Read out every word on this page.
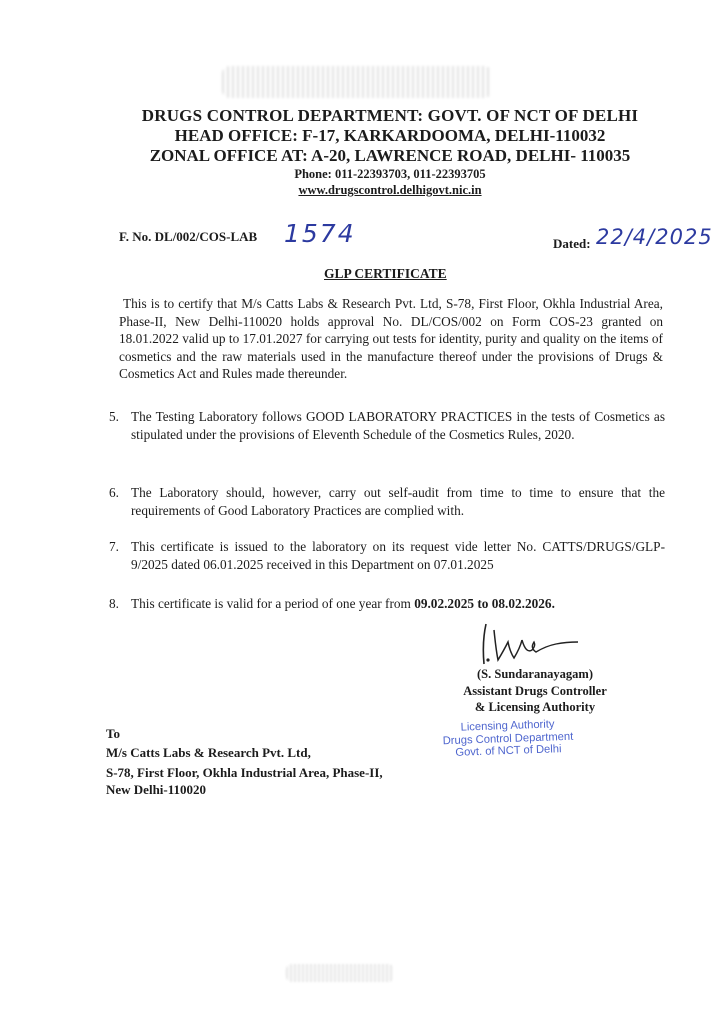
DRUGS CONTROL DEPARTMENT: GOVT. OF NCT OF DELHI
HEAD OFFICE: F-17, KARKARDOOMA, DELHI-110032
ZONAL OFFICE AT: A-20, LAWRENCE ROAD, DELHI- 110035
Phone: 011-22393703, 011-22393705
www.drugscontrol.delhigovt.nic.in
F. No. DL/002/COS-LAB 1574	Dated: 22/4/2025
GLP CERTIFICATE

This is to certify that M/s Catts Labs & Research Pvt. Ltd, S-78, First Floor, Okhla Industrial Area, Phase-II, New Delhi-110020 holds approval No. DL/COS/002 on Form COS-23 granted on 18.01.2022 valid up to 17.01.2027 for carrying out tests for identity, purity and quality on the items of cosmetics and the raw materials used in the manufacture thereof under the provisions of Drugs & Cosmetics Act and Rules made thereunder.

5. The Testing Laboratory follows GOOD LABORATORY PRACTICES in the tests of Cosmetics as stipulated under the provisions of Eleventh Schedule of the Cosmetics Rules, 2020.
6. The Laboratory should, however, carry out self-audit from time to time to ensure that the requirements of Good Laboratory Practices are complied with.
7. This certificate is issued to the laboratory on its request vide letter No. CATTS/DRUGS/GLP-9/2025 dated 06.01.2025 received in this Department on 07.01.2025
8. This certificate is valid for a period of one year from 09.02.2025 to 08.02.2026.
(S. Sundaranayagam)
Assistant Drugs Controller
& Licensing Authority
Licensing Authority
Drugs Control Department
Govt. of NCT of Delhi
To
M/s Catts Labs & Research Pvt. Ltd,
S-78, First Floor, Okhla Industrial Area, Phase-II,
New Delhi-110020
